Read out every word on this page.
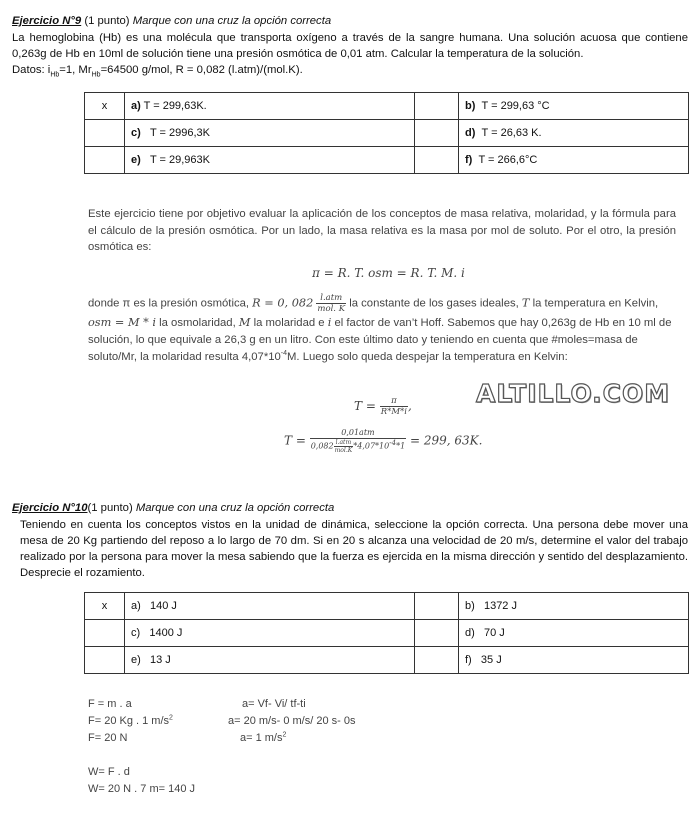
Ejercicio N°9 (1 punto) Marque con una cruz la opción correcta
La hemoglobina (Hb) es una molécula que transporta oxígeno a través de la sangre humana. Una solución acuosa que contiene 0,263g de Hb en 10ml de solución tiene una presión osmótica de 0,01 atm. Calcular la temperatura de la solución.
Datos: $i_{Hb}=1$, $Mr_{Hb}=64500$ g/mol, R = 0,082 (l.atm)/(mol.K).
x	a) T = 299,63K.		b) T = 299,63 °C
	c) T = 2996,3K		d) T = 26,63 K.
	e) T = 29,963K		f) T = 266,6°C
Este ejercicio tiene por objetivo evaluar la aplicación de los conceptos de masa relativa, molaridad, y la fórmula para el cálculo de la presión osmótica. Por un lado, la masa relativa es la masa por mol de soluto. Por el otro, la presión osmótica es:
π = R. T. osm = R. T. M. i
donde π es la presión osmótica, R = 0, $082 \frac{\text{l.atm}}{\text{mol. K}}$ la constante de los gases ideales, T la temperatura en Kelvin, osm = M * i la osmolaridad, M la molaridad e i el factor de van’t Hoff. Sabemos que hay 0,263g de Hb en 10 ml de solución, lo que equivale a 26,3 g en un litro. Con este último dato y teniendo en cuenta que #moles=masa de soluto/Mr, la molaridad resulta $4,07*10^{-4}M$. Luego solo queda despejar la temperatura en Kelvin:
$T = \frac{\pi}{R*M*i}$ ,	ALTILLO.COM
$T = \frac{\text{0,01atm}}{0,082 \frac{\text{l.atm}}{\text{mol.K}} *4,07*10^{-4}*1} = 299$, 63K.
Ejercicio N°10(1 punto) Marque con una cruz la opción correcta
Teniendo en cuenta los conceptos vistos en la unidad de dinámica, seleccione la opción correcta. Una persona debe mover una mesa de 20 Kg partiendo del reposo a lo largo de 70 dm. Si en 20 s alcanza una velocidad de 20 m/s, determine el valor del trabajo realizado por la persona para mover la mesa sabiendo que la fuerza es ejercida en la misma dirección y sentido del desplazamiento. Desprecie el rozamiento.
x	a) 140 J		b) 1372 J
	c) 1400 J		d) 70 J
	e) 13 J		f) 35 J
F = m . a
F= 20 Kg . 1 $m/s^2$
F= 20 N
W= F . d
W= 20 N . 7 m= 140 J
a= Vf- Vi/ tf-ti
a= 20 m/s- 0 m/s/ 20 s- 0s
a= 1 $m/s^2$
